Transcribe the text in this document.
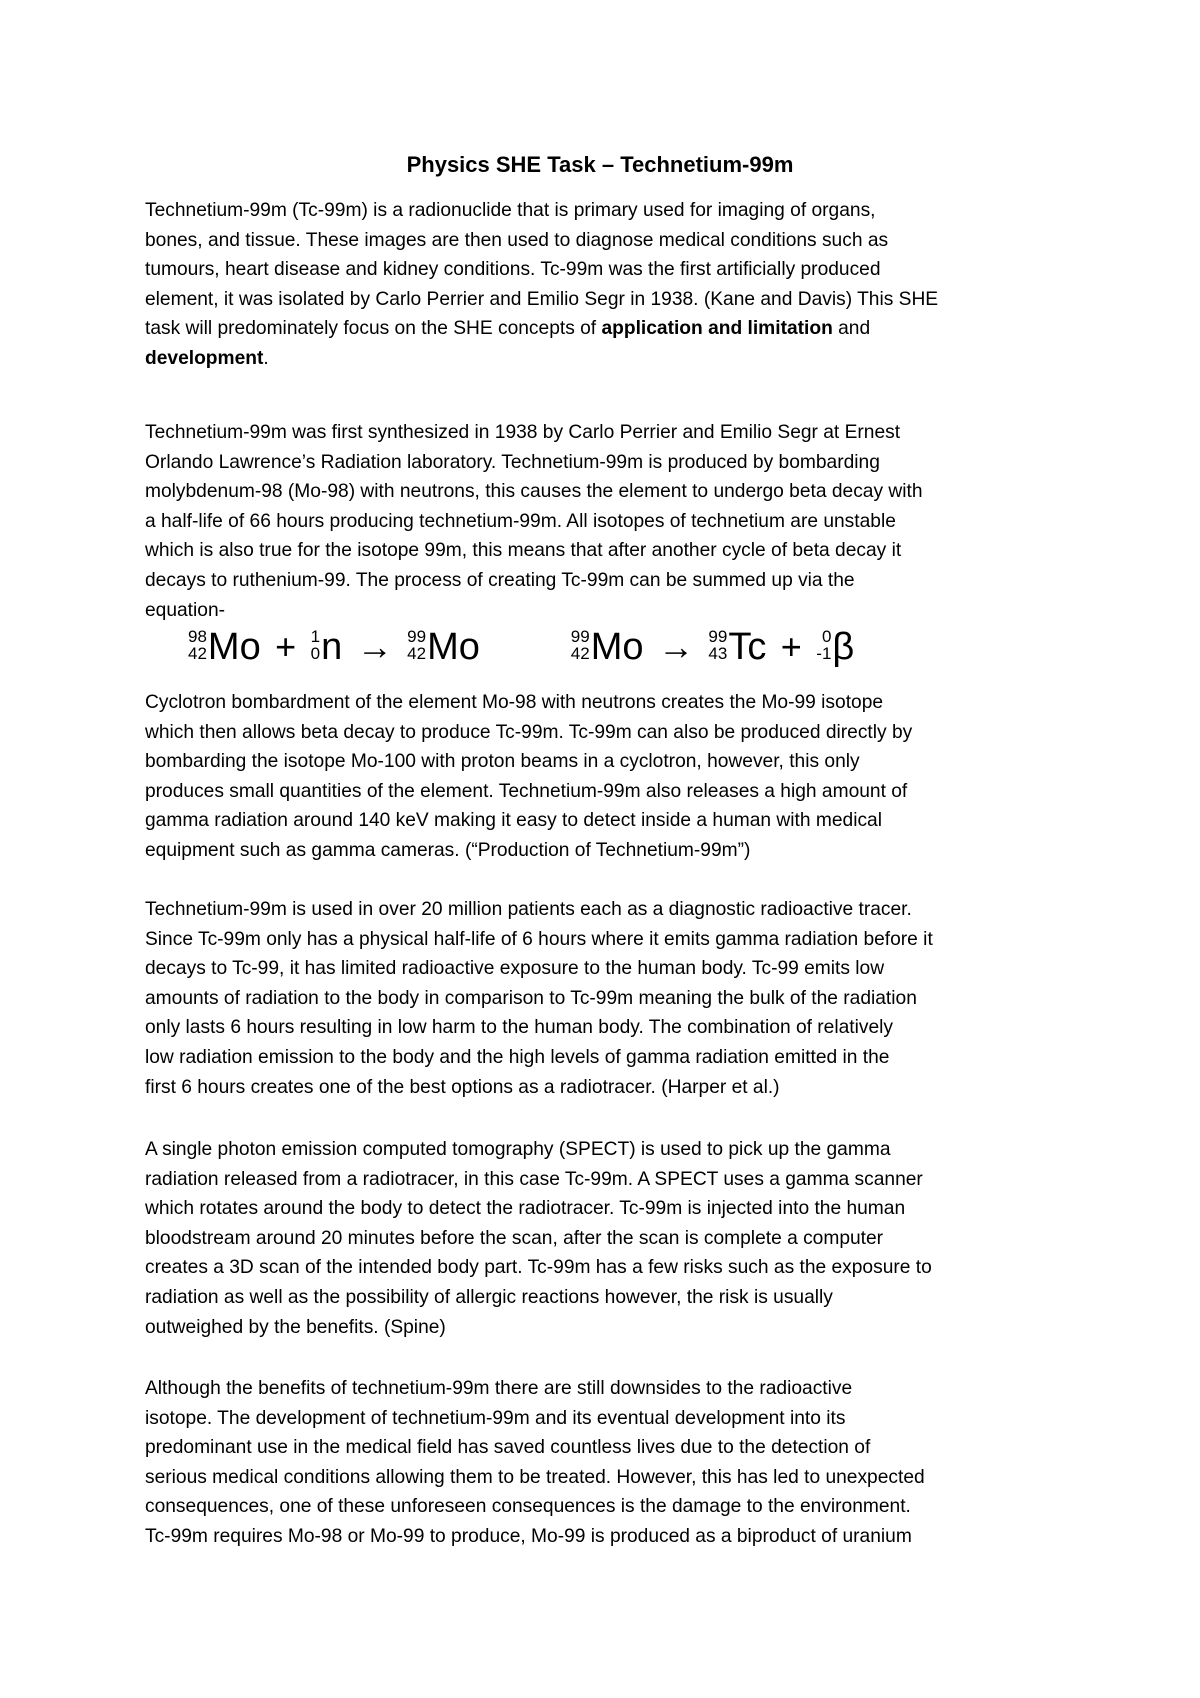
Physics SHE Task – Technetium-99m

Technetium-99m (Tc-99m) is a radionuclide that is primary used for imaging of organs,
bones, and tissue. These images are then used to diagnose medical conditions such as
tumours, heart disease and kidney conditions. Tc-99m was the first artificially produced
element, it was isolated by Carlo Perrier and Emilio Segr in 1938. (Kane and Davis) This SHE
task will predominately focus on the SHE concepts of application and limitation and
development.

Technetium-99m was first synthesized in 1938 by Carlo Perrier and Emilio Segr at Ernest
Orlando Lawrence’s Radiation laboratory. Technetium-99m is produced by bombarding
molybdenum-98 (Mo-98) with neutrons, this causes the element to undergo beta decay with
a half-life of 66 hours producing technetium-99m. All isotopes of technetium are unstable
which is also true for the isotope 99m, this means that after another cycle of beta decay it
decays to ruthenium-99. The process of creating Tc-99m can be summed up via the
equation-

98
42 Mo + 1
0 n → 99
42 Mo	99
42 Mo → 99
43 Tc +	0
-1 β

Cyclotron bombardment of the element Mo-98 with neutrons creates the Mo-99 isotope
which then allows beta decay to produce Tc-99m. Tc-99m can also be produced directly by
bombarding the isotope Mo-100 with proton beams in a cyclotron, however, this only
produces small quantities of the element. Technetium-99m also releases a high amount of
gamma radiation around 140 keV making it easy to detect inside a human with medical
equipment such as gamma cameras. (“Production of Technetium-99m”)

Technetium-99m is used in over 20 million patients each as a diagnostic radioactive tracer.
Since Tc-99m only has a physical half-life of 6 hours where it emits gamma radiation before it
decays to Tc-99, it has limited radioactive exposure to the human body. Tc-99 emits low
amounts of radiation to the body in comparison to Tc-99m meaning the bulk of the radiation
only lasts 6 hours resulting in low harm to the human body. The combination of relatively
low radiation emission to the body and the high levels of gamma radiation emitted in the
first 6 hours creates one of the best options as a radiotracer. (Harper et al.)

A single photon emission computed tomography (SPECT) is used to pick up the gamma
radiation released from a radiotracer, in this case Tc-99m. A SPECT uses a gamma scanner
which rotates around the body to detect the radiotracer. Tc-99m is injected into the human
bloodstream around 20 minutes before the scan, after the scan is complete a computer
creates a 3D scan of the intended body part. Tc-99m has a few risks such as the exposure to
radiation as well as the possibility of allergic reactions however, the risk is usually
outweighed by the benefits. (Spine)

Although the benefits of technetium-99m there are still downsides to the radioactive
isotope. The development of technetium-99m and its eventual development into its
predominant use in the medical field has saved countless lives due to the detection of
serious medical conditions allowing them to be treated. However, this has led to unexpected
consequences, one of these unforeseen consequences is the damage to the environment.
Tc-99m requires Mo-98 or Mo-99 to produce, Mo-99 is produced as a biproduct of uranium
